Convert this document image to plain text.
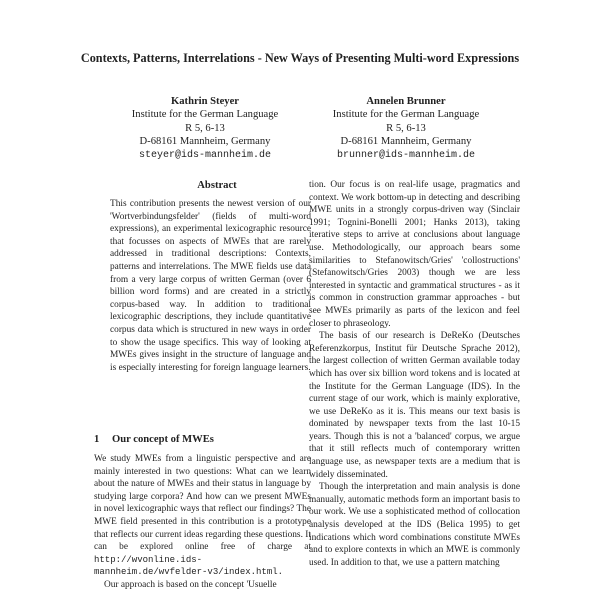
Contexts, Patterns, Interrelations - New Ways of Presenting Multi-word Expressions
Kathrin Steyer
Institute for the German Language
R 5, 6-13
D-68161 Mannheim, Germany
steyer@ids-mannheim.de
Annelen Brunner
Institute for the German Language
R 5, 6-13
D-68161 Mannheim, Germany
brunner@ids-mannheim.de
Abstract

This contribution presents the newest version of our 'Wortverbindungsfelder' (fields of multi-word expressions), an experimental lexicographic resource that focusses on aspects of MWEs that are rarely addressed in traditional descriptions: Contexts, patterns and interrelations. The MWE fields use data from a very large corpus of written German (over 6 billion word forms) and are created in a strictly corpus-based way. In addition to traditional lexicographic descriptions, they include quantitative corpus data which is structured in new ways in order to show the usage specifics. This way of looking at MWEs gives insight in the structure of language and is especially interesting for foreign language learners.

1 Our concept of MWEs

We study MWEs from a linguistic perspective and are mainly interested in two questions: What can we learn about the nature of MWEs and their status in language by studying large corpora? And how can we present MWEs in novel lexicographic ways that reflect our findings? The MWE field presented in this contribution is a prototype that reflects our current ideas regarding these questions. It can be explored online free of charge at http://wvonline.ids-mannheim.de/wvfelder-v3/index.html.

Our approach is based on the concept 'Usuelle

tion. Our focus is on real-life usage, pragmatics and context. We work bottom-up in detecting and describing MWE units in a strongly corpus-driven way (Sinclair 1991; Tognini-Bonelli 2001; Hanks 2013), taking iterative steps to arrive at conclusions about language use. Methodologically, our approach bears some similarities to Stefanowitsch/Gries' 'collostructions' (Stefanowitsch/Gries 2003) though we are less interested in syntactic and grammatical structures - as it is common in construction grammar approaches - but see MWEs primarily as parts of the lexicon and feel closer to phraseology.

The basis of our research is DeReKo (Deutsches Referenzkorpus, Institut für Deutsche Sprache 2012), the largest collection of written German available today which has over six billion word tokens and is located at the Institute for the German Language (IDS). In the current stage of our work, which is mainly explorative, we use DeReKo as it is. This means our text basis is dominated by newspaper texts from the last 10-15 years. Though this is not a 'balanced' corpus, we argue that it still reflects much of contemporary written language use, as newspaper texts are a medium that is widely disseminated.

Though the interpretation and main analysis is done manually, automatic methods form an important basis to our work. We use a sophisticated method of collocation analysis developed at the IDS (Belica 1995) to get indications which word combinations constitute MWEs and to explore contexts in which an MWE is commonly used. In addition to that, we use a pattern matching
